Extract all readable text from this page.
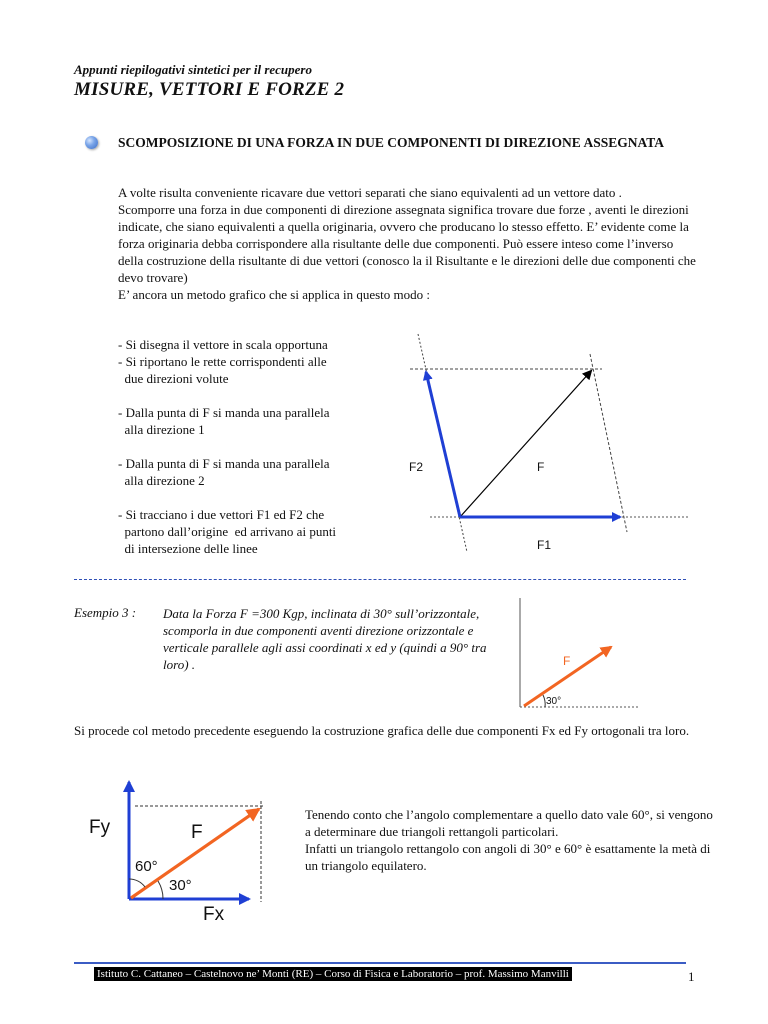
Appunti riepilogativi sintetici per il recupero
MISURE, VETTORI E FORZE 2
SCOMPOSIZIONE DI UNA FORZA IN DUE COMPONENTI DI DIREZIONE ASSEGNATA

A volte risulta conveniente ricavare due vettori separati che siano equivalenti ad un vettore dato .

Scomporre una forza in due componenti di direzione assegnata significa trovare due forze , aventi le direzioni indicate, che siano equivalenti a quella originaria, ovvero che producano lo stesso effetto. E’ evidente come la forza originaria debba corrispondere alla risultante delle due componenti. Può essere inteso come l’inverso della costruzione della risultante di due vettori (conosco la il Risultante e le direzioni delle due componenti che devo trovare)

E’ ancora un metodo grafico che si applica in questo modo :

- Si disegna il vettore in scala opportuna
- Si riportano le rette corrispondenti alle
due direzioni volute

- Dalla punta di F si manda una parallela
alla direzione 1

- Dalla punta di F si manda una parallela
alla direzione 2

- Si tracciano i due vettori F1 ed F2 che
partono dall’origine  ed arrivano ai punti
di intersezione delle linee

F2	F
F1
Esempio 3 : Data la Forza F =300 Kgp, inclinata di 30° sull’orizzontale, scomporla in due componenti aventi direzione orizzontale e verticale parallele agli assi coordinati x ed y (quindi a 90° tra loro) .	F
30°
Si procede col metodo precedente eseguendo la costruzione grafica delle due componenti Fx ed Fy ortogonali tra loro.
Fy	F
60°
30°
Fx

Tenendo conto che l’angolo complementare a quello dato vale 60°, si vengono a determinare due triangoli rettangoli particolari.

Infatti un triangolo rettangolo con angoli di 30° e 60° è esattamente la metà di un triangolo equilatero.

Istituto C. Cattaneo – Castelnovo ne’ Monti (RE) – Corso di Fisica e Laboratorio – prof. Massimo Manvilli	1
